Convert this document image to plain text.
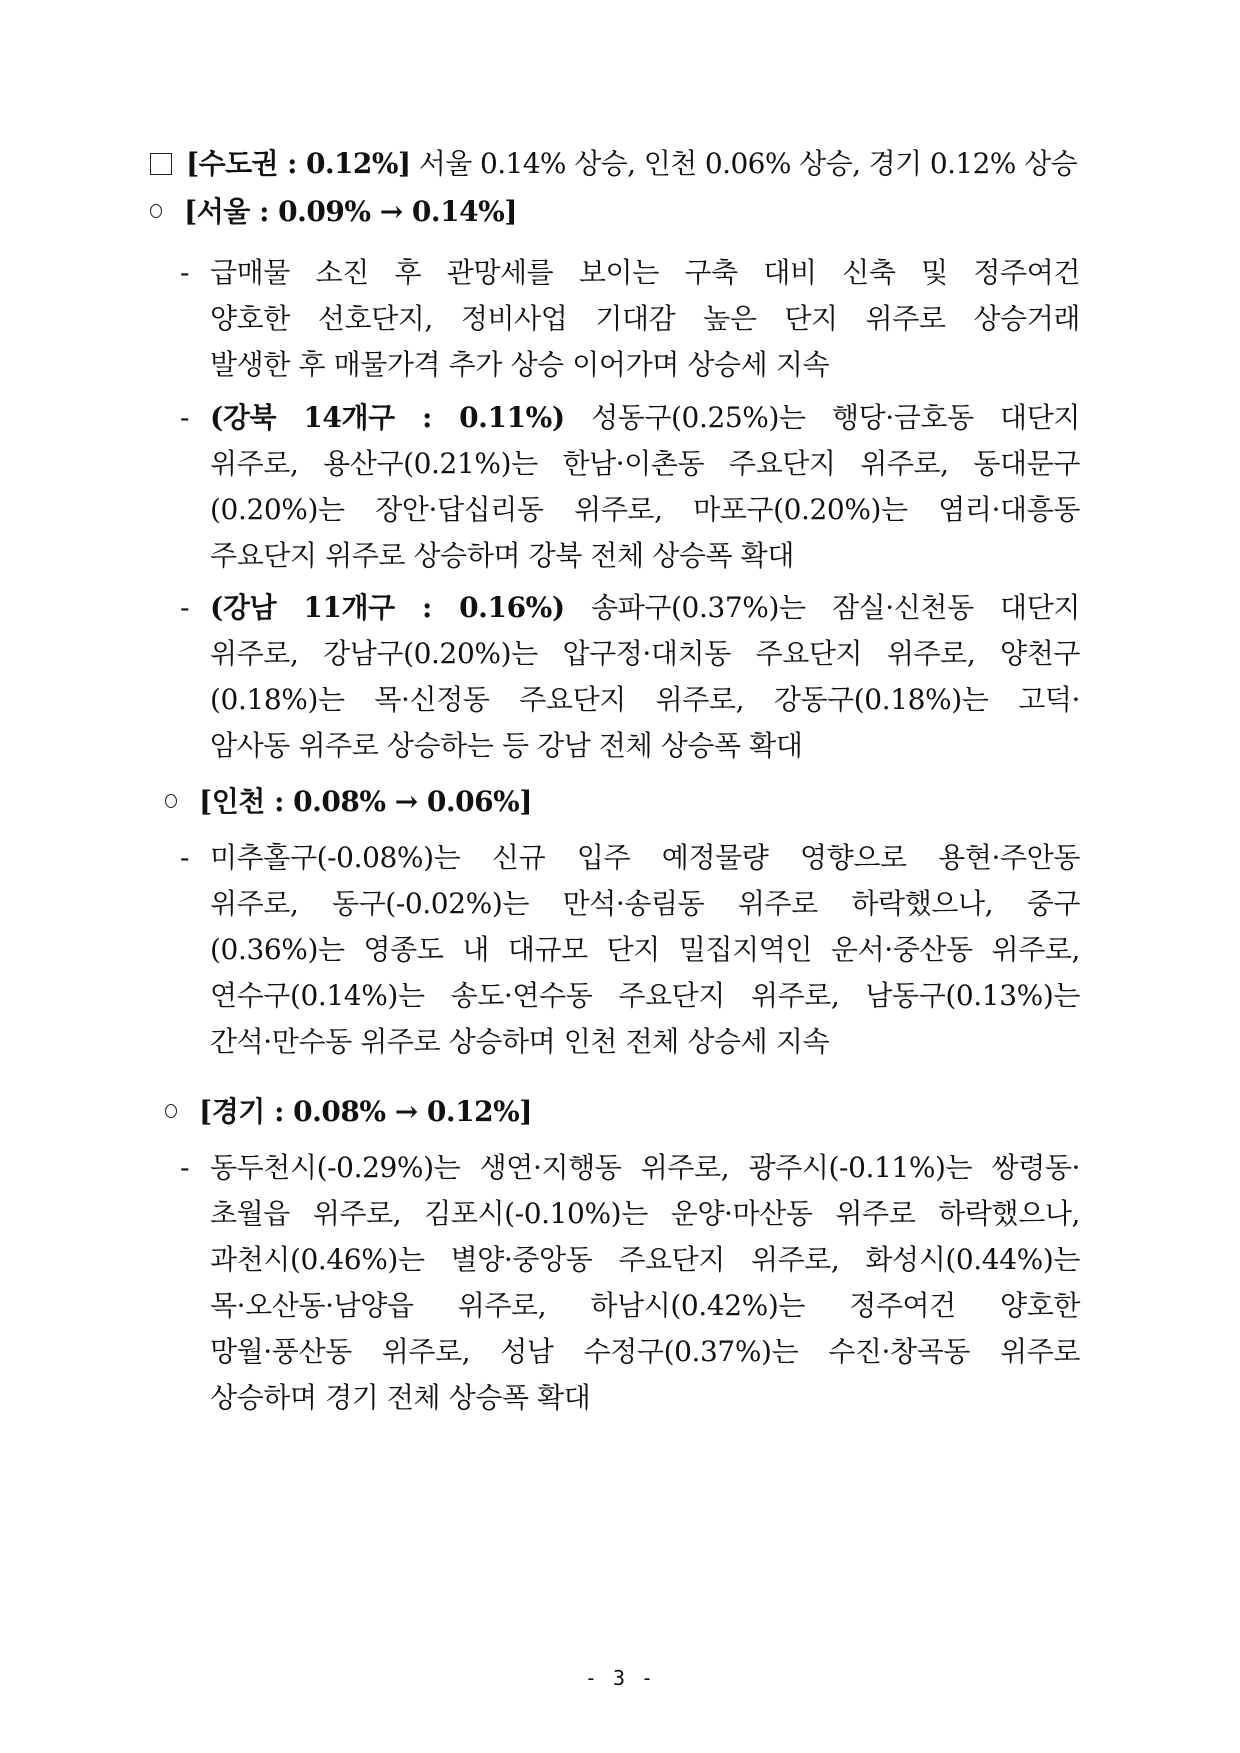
[수도권 : 0.12%] 서울 0.14% 상승, 인천 0.06% 상승, 경기 0.12% 상승
[서울 : 0.09% → 0.14%]
- 급매물 소진 후 관망세를 보이는 구축 대비 신축 및 정주여건
양호한 선호단지, 정비사업 기대감 높은 단지 위주로 상승거래
발생한 후 매물가격 추가 상승 이어가며 상승세 지속
- (강북 14개구 : 0.11%) 성동구(0.25%)는 행당·금호동 대단지
위주로, 용산구(0.21%)는 한남·이촌동 주요단지 위주로, 동대문구
(0.20%)는 장안·답십리동 위주로, 마포구(0.20%)는 염리·대흥동
주요단지 위주로 상승하며 강북 전체 상승폭 확대
- (강남 11개구 : 0.16%) 송파구(0.37%)는 잠실·신천동 대단지
위주로, 강남구(0.20%)는 압구정·대치동 주요단지 위주로, 양천구
(0.18%)는 목·신정동 주요단지 위주로, 강동구(0.18%)는 고덕·
암사동 위주로 상승하는 등 강남 전체 상승폭 확대
[인천 : 0.08% → 0.06%]
- 미추홀구(-0.08%)는 신규 입주 예정물량 영향으로 용현·주안동
위주로, 동구(-0.02%)는 만석·송림동 위주로 하락했으나, 중구
(0.36%)는 영종도 내 대규모 단지 밀집지역인 운서·중산동 위주로,
연수구(0.14%)는 송도·연수동 주요단지 위주로, 남동구(0.13%)는
간석·만수동 위주로 상승하며 인천 전체 상승세 지속
[경기 : 0.08% → 0.12%]
- 동두천시(-0.29%)는 생연·지행동 위주로, 광주시(-0.11%)는 쌍령동·
초월읍 위주로, 김포시(-0.10%)는 운양·마산동 위주로 하락했으나,
과천시(0.46%)는 별양·중앙동 주요단지 위주로, 화성시(0.44%)는
목·오산동·남양읍 위주로, 하남시(0.42%)는 정주여건 양호한
망월·풍산동 위주로, 성남 수정구(0.37%)는 수진·창곡동 위주로
상승하며 경기 전체 상승폭 확대
- 3 -
